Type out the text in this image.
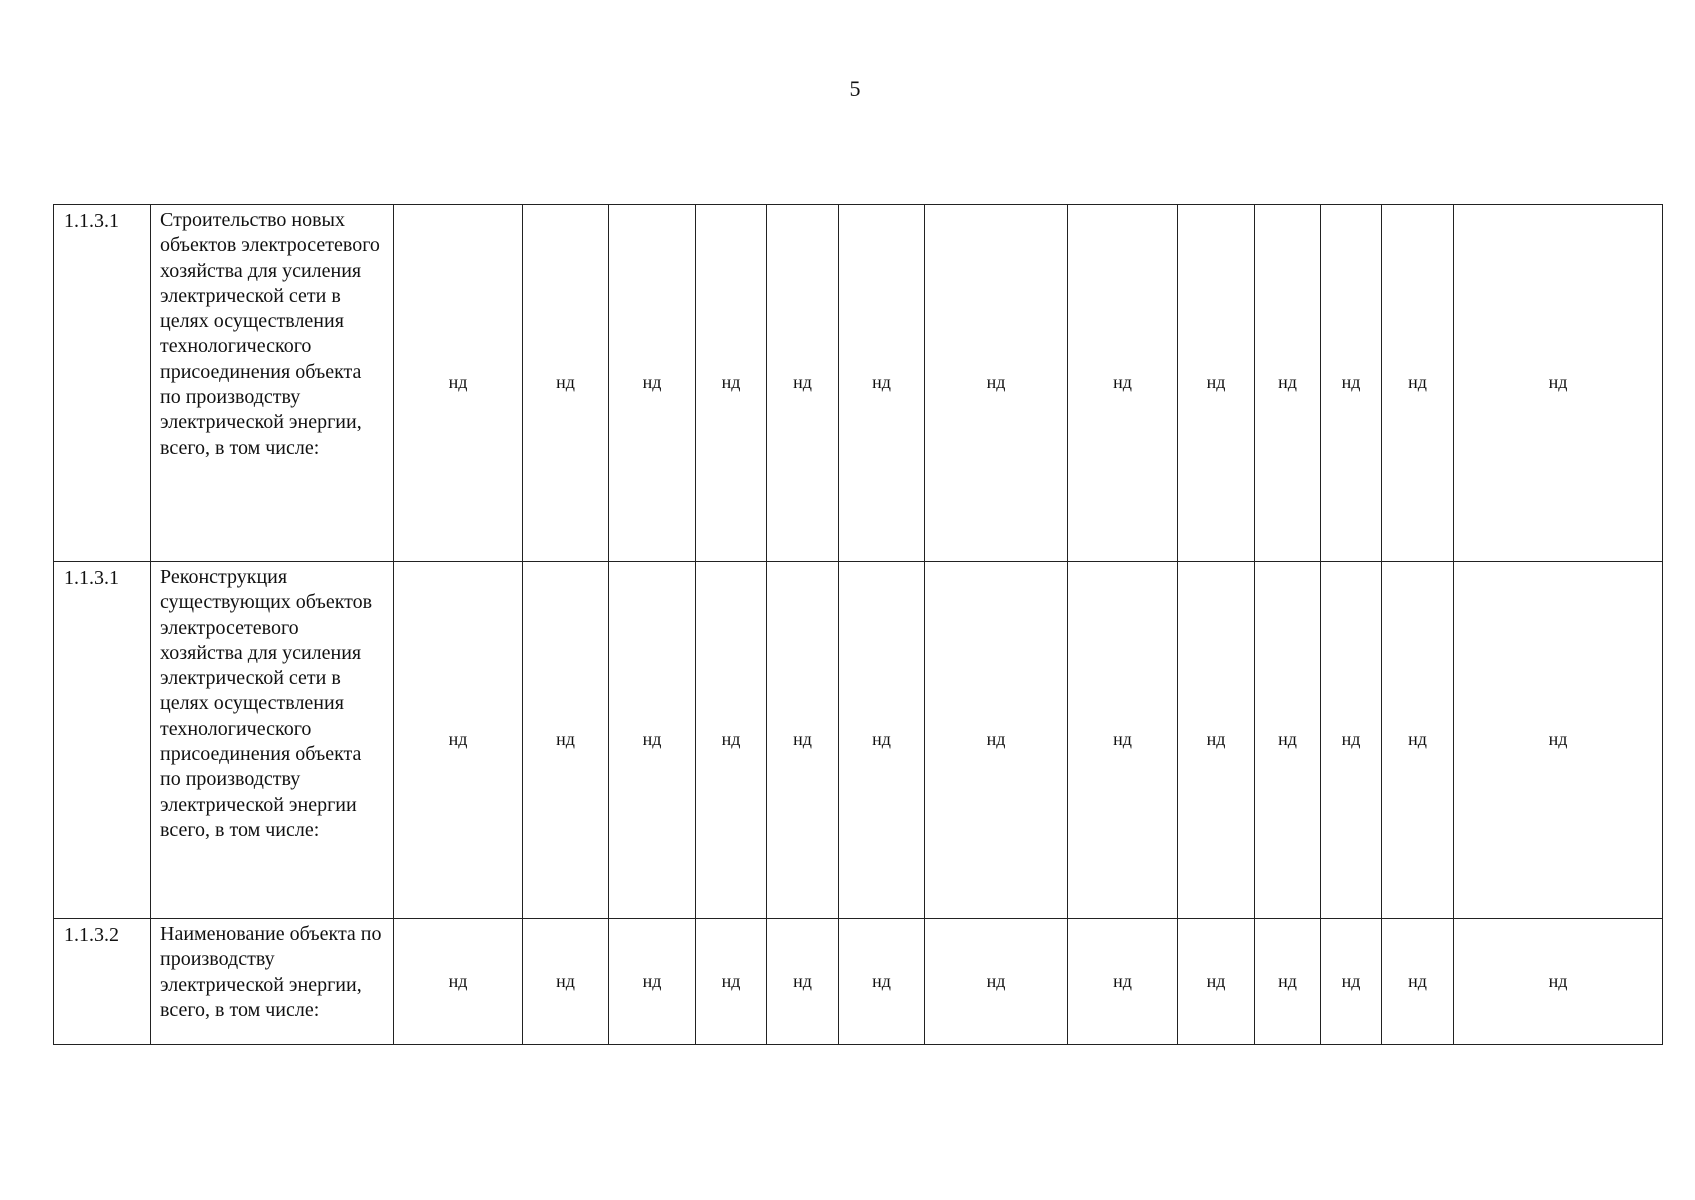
5
1.1.3.1	Строительство новых объектов электросетевого хозяйства для усиления электрической сети в целях осуществления технологического присоединения объекта по производству электрической энергии, всего, в том числе:	нд	нд	нд	нд	нд	нд	нд	нд	нд	нд	нд	нд	нд
1.1.3.1	Реконструкция существующих объектов электросетевого хозяйства для усиления электрической сети в целях осуществления технологического присоединения объекта по производству электрической энергии всего, в том числе:	нд	нд	нд	нд	нд	нд	нд	нд	нд	нд	нд	нд	нд
1.1.3.2	Наименование объекта по производству электрической энергии, всего, в том числе:	нд	нд	нд	нд	нд	нд	нд	нд	нд	нд	нд	нд	нд
